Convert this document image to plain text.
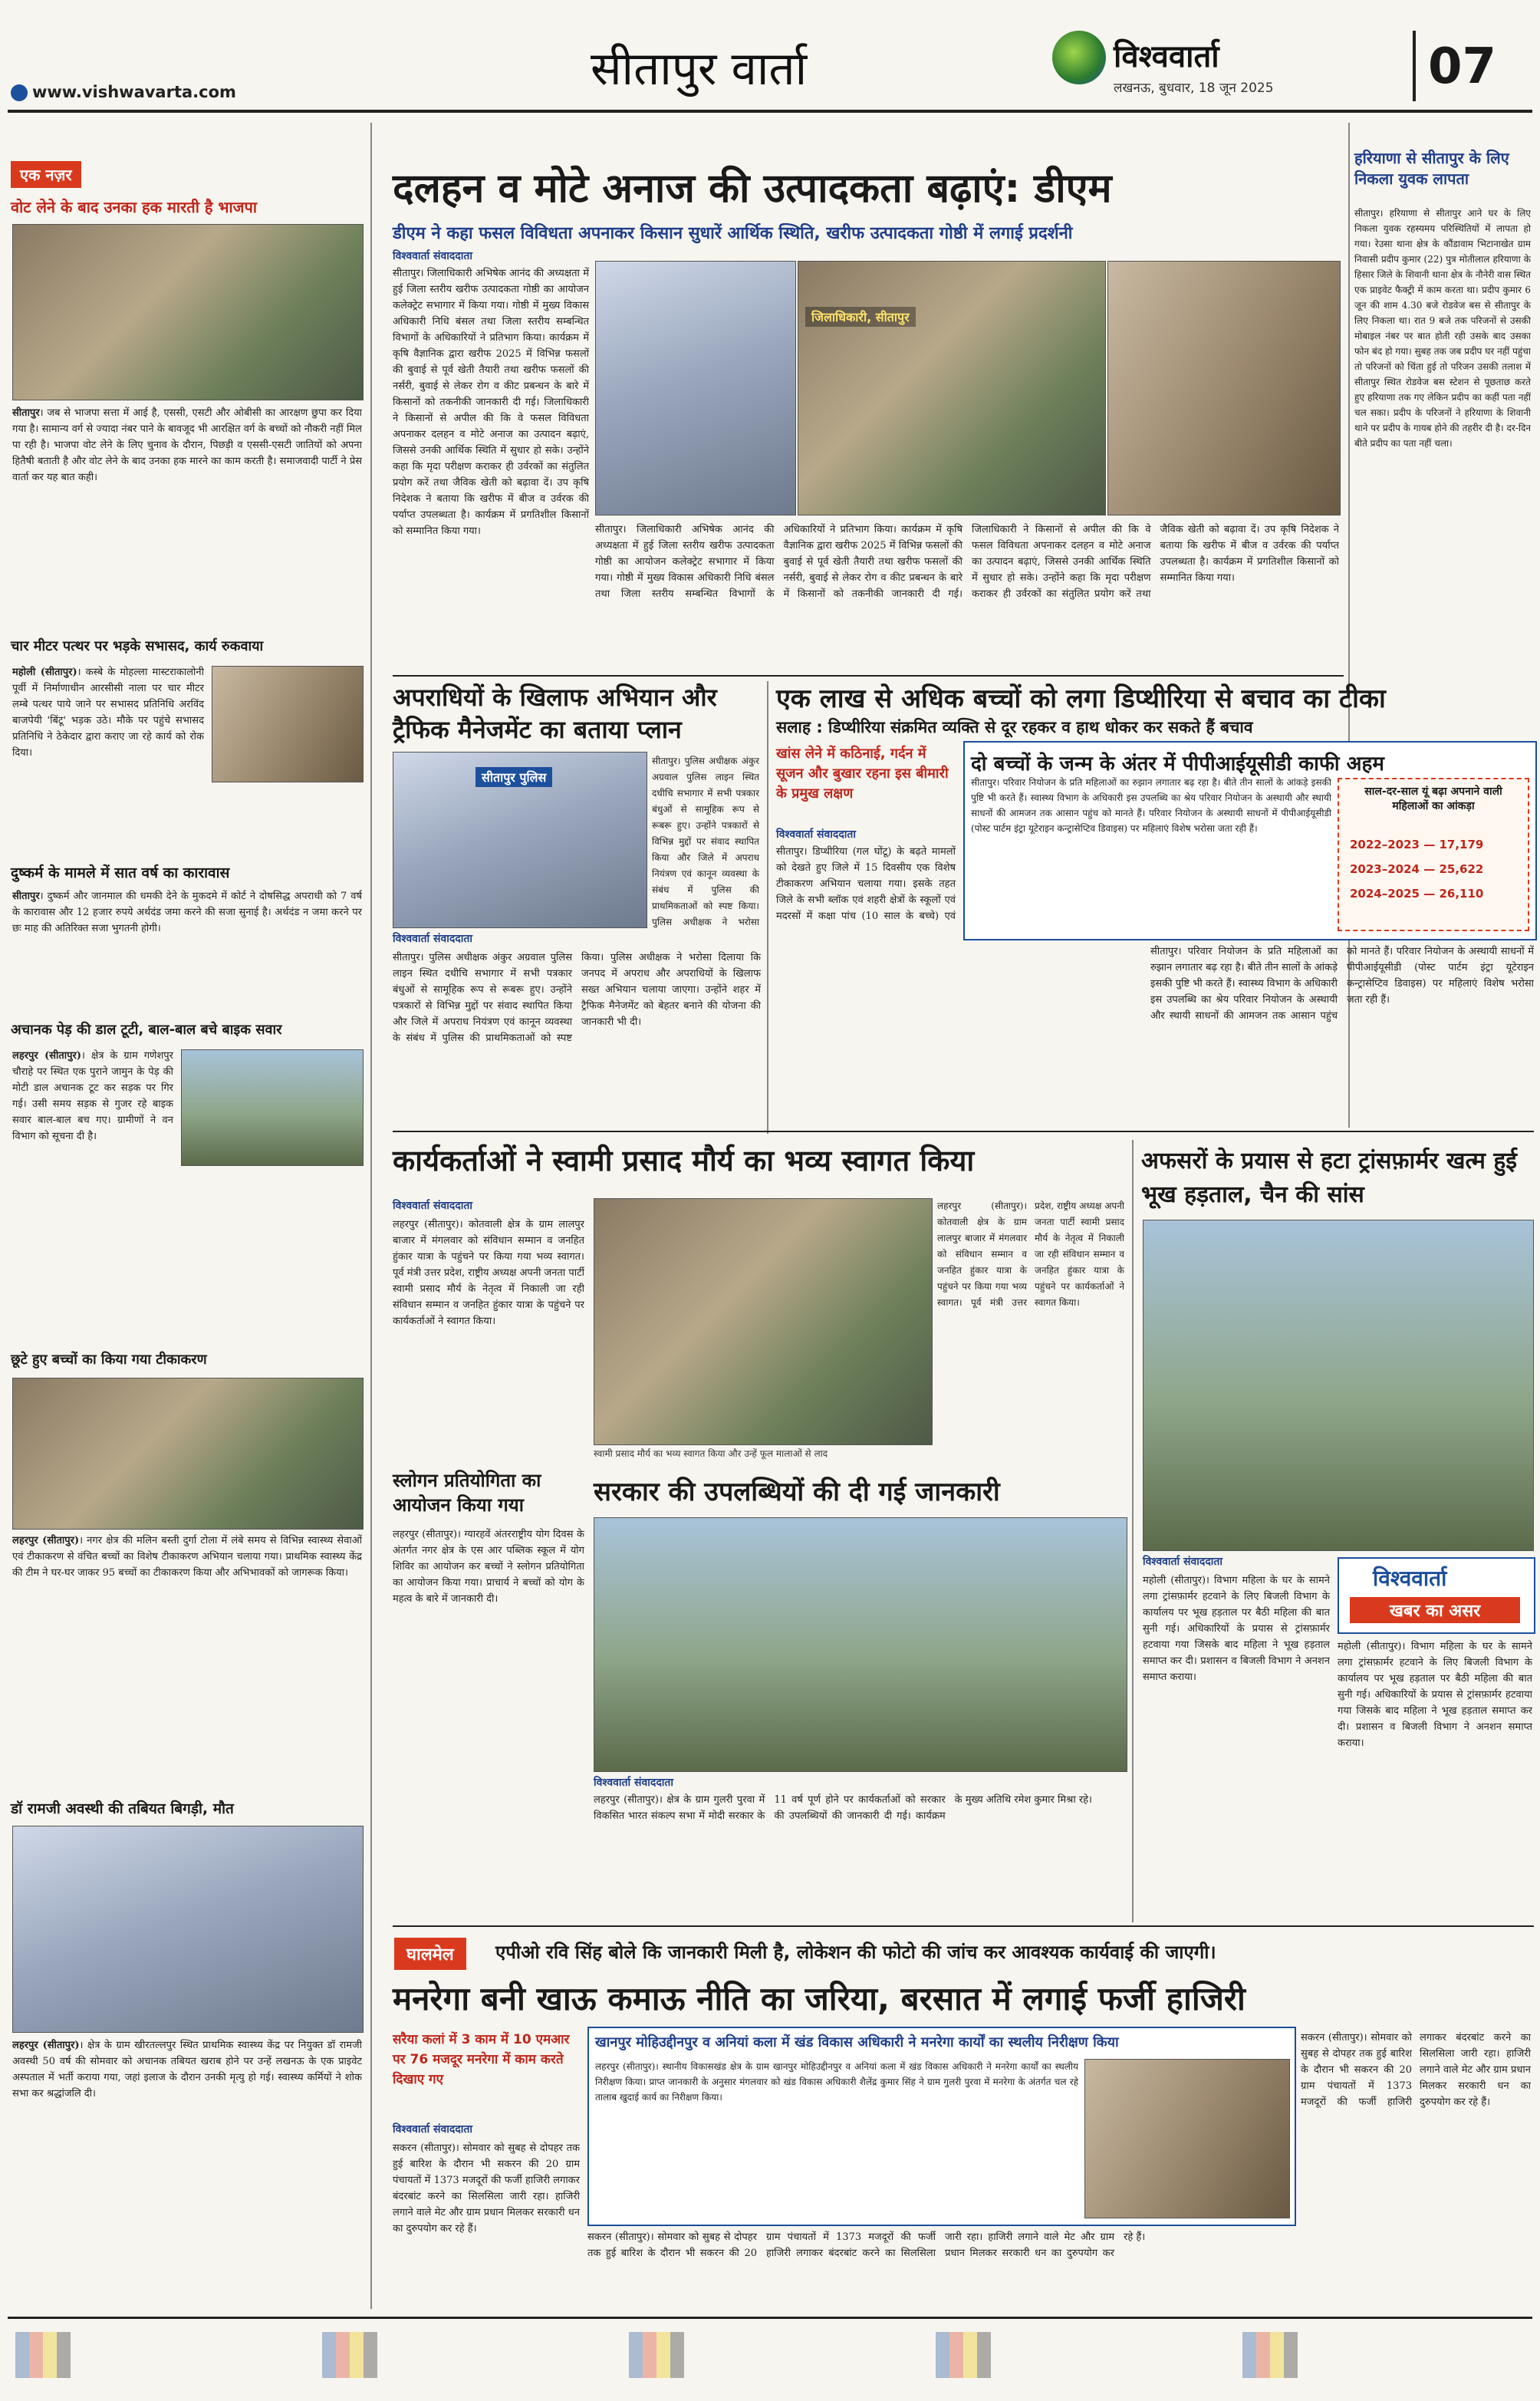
www.vishwavarta.com	सीतापुर वार्ता	विश्ववार्ता
लखनऊ, बुधवार, 18 जून 2025	07
एक नज़र
वोट लेने के बाद उनका हक मारती है भाजपा
सीतापुर। जब से भाजपा सत्ता में आई है, एससी, एसटी और ओबीसी का आरक्षण छुपा कर दिया गया है। सामान्य वर्ग से ज्यादा नंबर पाने के बावजूद भी आरक्षित वर्ग के बच्चों को नौकरी नहीं मिल पा रही है। भाजपा वोट लेने के लिए चुनाव के दौरान, पिछड़ी व एससी-एसटी जातियों को अपना हितैषी बताती है और वोट लेने के बाद उनका हक मारने का काम करती है। समाजवादी पार्टी ने प्रेस वार्ता कर यह बात कही।
चार मीटर पत्थर पर भड़के सभासद, कार्य रुकवाया
महोली (सीतापुर)। कस्बे के मोहल्ला मास्टराकालोनी पूर्वी में निर्माणाधीन आरसीसी नाला पर चार मीटर लम्बे पत्थर पाये जाने पर सभासद प्रतिनिधि अरविंद बाजपेयी 'बिंटू' भड़क उठे। मौके पर पहुंचे सभासद प्रतिनिधि ने ठेकेदार द्वारा कराए जा रहे कार्य को रोक दिया।
दुष्कर्म के मामले में सात वर्ष का कारावास
सीतापुर। दुष्कर्म और जानमाल की धमकी देने के मुकदमे में कोर्ट ने दोषसिद्ध अपराधी को 7 वर्ष के कारावास और 12 हजार रुपये अर्थदंड जमा करने की सजा सुनाई है। अर्थदंड न जमा करने पर छः माह की अतिरिक्त सजा भुगतनी होगी।
अचानक पेड़ की डाल टूटी, बाल-बाल बचे बाइक सवार
लहरपुर (सीतापुर)। क्षेत्र के ग्राम गणेशपुर चौराहे पर स्थित एक पुराने जामुन के पेड़ की मोटी डाल अचानक टूट कर सड़क पर गिर गई। उसी समय सड़क से गुजर रहे बाइक सवार बाल-बाल बच गए। ग्रामीणों ने वन विभाग को सूचना दी है।
छूटे हुए बच्चों का किया गया टीकाकरण
लहरपुर (सीतापुर)। नगर क्षेत्र की मलिन बस्ती दुर्गा टोला में लंबे समय से विभिन्न स्वास्थ्य सेवाओं एवं टीकाकरण से वंचित बच्चों का विशेष टीकाकरण अभियान चलाया गया। प्राथमिक स्वास्थ्य केंद्र की टीम ने घर-घर जाकर 95 बच्चों का टीकाकरण किया और अभिभावकों को जागरूक किया।
डॉ रामजी अवस्थी की तबियत बिगड़ी, मौत
लहरपुर (सीतापुर)। क्षेत्र के ग्राम खीरतल्लपुर स्थित प्राथमिक स्वास्थ्य केंद्र पर नियुक्त डॉ रामजी अवस्थी 50 वर्ष की सोमवार को अचानक तबियत खराब होने पर उन्हें लखनऊ के एक प्राइवेट अस्पताल में भर्ती कराया गया, जहां इलाज के दौरान उनकी मृत्यु हो गई। स्वास्थ्य कर्मियों ने शोक सभा कर श्रद्धांजलि दी।
दलहन व मोटे अनाज की उत्पादकता बढ़ाएं: डीएम
डीएम ने कहा फसल विविधता अपनाकर किसान सुधारें आर्थिक स्थिति, खरीफ उत्पादकता गोष्ठी में लगाई प्रदर्शनी
विश्ववार्ता संवाददाता
जिलाधिकारी, सीतापुर
सीतापुर। जिलाधिकारी अभिषेक आनंद की अध्यक्षता में हुई जिला स्तरीय खरीफ उत्पादकता गोष्ठी का आयोजन कलेक्ट्रेट सभागार में किया गया। गोष्ठी में मुख्य विकास अधिकारी निधि बंसल तथा जिला स्तरीय सम्बन्धित विभागों के अधिकारियों ने प्रतिभाग किया। कार्यक्रम में कृषि वैज्ञानिक द्वारा खरीफ 2025 में विभिन्न फसलों की बुवाई से पूर्व खेती तैयारी तथा खरीफ फसलों की नर्सरी, बुवाई से लेकर रोग व कीट प्रबन्धन के बारे में किसानों को तकनीकी जानकारी दी गई। जिलाधिकारी ने किसानों से अपील की कि वे फसल विविधता अपनाकर दलहन व मोटे अनाज का उत्पादन बढ़ाएं, जिससे उनकी आर्थिक स्थिति में सुधार हो सके। उन्होंने कहा कि मृदा परीक्षण कराकर ही उर्वरकों का संतुलित प्रयोग करें तथा जैविक खेती को बढ़ावा दें। उप कृषि निदेशक ने बताया कि खरीफ में बीज व उर्वरक की पर्याप्त उपलब्धता है। कार्यक्रम में प्रगतिशील किसानों को सम्मानित किया गया।	सीतापुर। जिलाधिकारी अभिषेक आनंद की अध्यक्षता में हुई जिला स्तरीय खरीफ उत्पादकता गोष्ठी का आयोजन कलेक्ट्रेट सभागार में किया गया। गोष्ठी में मुख्य विकास अधिकारी निधि बंसल तथा जिला स्तरीय सम्बन्धित विभागों के अधिकारियों ने प्रतिभाग किया। कार्यक्रम में कृषि वैज्ञानिक द्वारा खरीफ 2025 में विभिन्न फसलों की बुवाई से पूर्व खेती तैयारी तथा खरीफ फसलों की नर्सरी, बुवाई से लेकर रोग व कीट प्रबन्धन के बारे में किसानों को तकनीकी जानकारी दी गई। जिलाधिकारी ने किसानों से अपील की कि वे फसल विविधता अपनाकर दलहन व मोटे अनाज का उत्पादन बढ़ाएं, जिससे उनकी आर्थिक स्थिति में सुधार हो सके। उन्होंने कहा कि मृदा परीक्षण कराकर ही उर्वरकों का संतुलित प्रयोग करें तथा जैविक खेती को बढ़ावा दें। उप कृषि निदेशक ने बताया कि खरीफ में बीज व उर्वरक की पर्याप्त उपलब्धता है। कार्यक्रम में प्रगतिशील किसानों को सम्मानित किया गया।
हरियाणा से सीतापुर के लिए निकला युवक लापता
सीतापुर। हरियाणा से सीतापुर आने घर के लिए निकला युवक रहस्यमय परिस्थितियों में लापता हो गया। रेउसा थाना क्षेत्र के कौंडावाम भिटानाखेत ग्राम निवासी प्रदीप कुमार (22) पुत्र मोतीलाल हरियाणा के हिसार जिले के शिवानी थाना क्षेत्र के नौनेरी वास स्थित एक प्राइवेट फैक्ट्री में काम करता था। प्रदीप कुमार 6 जून की शाम 4.30 बजे रोडवेज बस से सीतापुर के लिए निकला था। रात 9 बजे तक परिजनों से उसकी मोबाइल नंबर पर बात होती रही उसके बाद उसका फोन बंद हो गया। सुबह तक जब प्रदीप घर नहीं पहुंचा तो परिजनों को चिंता हुई तो परिजन उसकी तलाश में सीतापुर स्थित रोडवेज बस स्टेशन से पूछताछ करते हुए हरियाणा तक गए लेकिन प्रदीप का कहीं पता नहीं चल सका। प्रदीप के परिजनों ने हरियाणा के शिवानी थाने पर प्रदीप के गायब होने की तहरीर दी है। दर-दिन बीते प्रदीप का पता नहीं चला।
अपराधियों के खिलाफ अभियान और ट्रैफिक मैनेजमेंट का बताया प्लान
सीतापुर पुलिस
विश्ववार्ता संवाददाता
सीतापुर। पुलिस अधीक्षक अंकुर अग्रवाल पुलिस लाइन स्थित दधीचि सभागार में सभी पत्रकार बंधुओं से सामूहिक रूप से रूबरू हुए। उन्होंने पत्रकारों से विभिन्न मुद्दों पर संवाद स्थापित किया और जिले में अपराध नियंत्रण एवं कानून व्यवस्था के संबंध में पुलिस की प्राथमिकताओं को स्पष्ट किया। पुलिस अधीक्षक ने भरोसा दिलाया कि जनपद में अपराध और अपराधियों के खिलाफ सख्त अभियान चलाया जाएगा। उन्होंने शहर में ट्रैफिक मैनेजमेंट को बेहतर बनाने की योजना की जानकारी भी दी।
सीतापुर। पुलिस अधीक्षक अंकुर अग्रवाल पुलिस लाइन स्थित दधीचि सभागार में सभी पत्रकार बंधुओं से सामूहिक रूप से रूबरू हुए। उन्होंने पत्रकारों से विभिन्न मुद्दों पर संवाद स्थापित किया और जिले में अपराध नियंत्रण एवं कानून व्यवस्था के संबंध में पुलिस की प्राथमिकताओं को स्पष्ट किया। पुलिस अधीक्षक ने भरोसा
एक लाख से अधिक बच्चों को लगा डिप्थीरिया से बचाव का टीका
सलाह : डिप्थीरिया संक्रमित व्यक्ति से दूर रहकर व हाथ धोकर कर सकते हैं बचाव
खांस लेने में कठिनाई, गर्दन में सूजन और बुखार रहना इस बीमारी के प्रमुख लक्षण
विश्ववार्ता संवाददाता
सीतापुर। डिप्थीरिया (गल घोंटू) के बढ़ते मामलों को देखते हुए जिले में 15 दिवसीय एक विशेष टीकाकरण अभियान चलाया गया। इसके तहत जिले के सभी ब्लॉक एवं शहरी क्षेत्रों के स्कूलों एवं मदरसों में कक्षा पांच (10 साल के बच्चे) एवं
दो बच्चों के जन्म के अंतर में पीपीआईयूसीडी काफी अहम
सीतापुर। परिवार नियोजन के प्रति महिलाओं का रुझान लगातार बढ़ रहा है। बीते तीन सालों के आंकड़े इसकी पुष्टि भी करते हैं। स्वास्थ्य विभाग के अधिकारी इस उपलब्धि का श्रेय परिवार नियोजन के अस्थायी और स्थायी साधनों की आमजन तक आसान पहुंच को मानते हैं। परिवार नियोजन के अस्थायी साधनों में पीपीआईयूसीडी (पोस्ट पार्टम इंट्रा यूटेराइन कन्ट्रासेप्टिव डिवाइस) पर महिलाएं विशेष भरोसा जता रही हैं।
साल-दर-साल यूं बढ़ा अपनाने वाली महिलाओं का आंकड़ा
2022–2023 — 17,179
2023–2024 — 25,622
2024–2025 — 26,110
सीतापुर। परिवार नियोजन के प्रति महिलाओं का रुझान लगातार बढ़ रहा है। बीते तीन सालों के आंकड़े इसकी पुष्टि भी करते हैं। स्वास्थ्य विभाग के अधिकारी इस उपलब्धि का श्रेय परिवार नियोजन के अस्थायी और स्थायी साधनों की आमजन तक आसान पहुंच को मानते हैं। परिवार नियोजन के अस्थायी साधनों में पीपीआईयूसीडी (पोस्ट पार्टम इंट्रा यूटेराइन कन्ट्रासेप्टिव डिवाइस) पर महिलाएं विशेष भरोसा जता रही हैं।
कार्यकर्ताओं ने स्वामी प्रसाद मौर्य का भव्य स्वागत किया
विश्ववार्ता संवाददाता
लहरपुर (सीतापुर)। कोतवाली क्षेत्र के ग्राम लालपुर बाजार में मंगलवार को संविधान सम्मान व जनहित हुंकार यात्रा के पहुंचने पर किया गया भव्य स्वागत। पूर्व मंत्री उत्तर प्रदेश, राष्ट्रीय अध्यक्ष अपनी जनता पार्टी स्वामी प्रसाद मौर्य के नेतृत्व में निकाली जा रही संविधान सम्मान व जनहित हुंकार यात्रा के पहुंचने पर कार्यकर्ताओं ने स्वागत किया।
लहरपुर (सीतापुर)। कोतवाली क्षेत्र के ग्राम लालपुर बाजार में मंगलवार को संविधान सम्मान व जनहित हुंकार यात्रा के पहुंचने पर किया गया भव्य स्वागत। पूर्व मंत्री उत्तर प्रदेश, राष्ट्रीय अध्यक्ष अपनी जनता पार्टी स्वामी प्रसाद मौर्य के नेतृत्व में निकाली जा रही संविधान सम्मान व जनहित हुंकार यात्रा के पहुंचने पर कार्यकर्ताओं ने स्वागत किया।
स्वामी प्रसाद मौर्य का भव्य स्वागत किया और उन्हें फूल मालाओं से लाद
स्लोगन प्रतियोगिता का आयोजन किया गया
लहरपुर (सीतापुर)। ग्यारहवें अंतरराष्ट्रीय योग दिवस के अंतर्गत नगर क्षेत्र के एस आर पब्लिक स्कूल में योग शिविर का आयोजन कर बच्चों ने स्लोगन प्रतियोगिता का आयोजन किया गया। प्राचार्य ने बच्चों को योग के महत्व के बारे में जानकारी दी।
सरकार की उपलब्धियों की दी गई जानकारी
विश्ववार्ता संवाददाता
लहरपुर (सीतापुर)। क्षेत्र के ग्राम गुलरी पुरवा में विकसित भारत संकल्प सभा में मोदी सरकार के 11 वर्ष पूर्ण होने पर कार्यकर्ताओं को सरकार की उपलब्धियों की जानकारी दी गई। कार्यक्रम के मुख्य अतिथि रमेश कुमार मिश्रा रहे।
अफसरों के प्रयास से हटा ट्रांसफ़ार्मर खत्म हुई भूख हड़ताल, चैन की सांस
विश्ववार्ता संवाददाता
महोली (सीतापुर)। विभाग महिला के घर के सामने लगा ट्रांसफ़ार्मर हटवाने के लिए बिजली विभाग के कार्यालय पर भूख हड़ताल पर बैठी महिला की बात सुनी गई। अधिकारियों के प्रयास से ट्रांसफ़ार्मर हटवाया गया जिसके बाद महिला ने भूख हड़ताल समाप्त कर दी। प्रशासन व बिजली विभाग ने अनशन समाप्त कराया।
विश्ववार्ता
खबर का असर
महोली (सीतापुर)। विभाग महिला के घर के सामने लगा ट्रांसफ़ार्मर हटवाने के लिए बिजली विभाग के कार्यालय पर भूख हड़ताल पर बैठी महिला की बात सुनी गई। अधिकारियों के प्रयास से ट्रांसफ़ार्मर हटवाया गया जिसके बाद महिला ने भूख हड़ताल समाप्त कर दी। प्रशासन व बिजली विभाग ने अनशन समाप्त कराया।
घालमेल	एपीओ रवि सिंह बोले कि जानकारी मिली है, लोकेशन की फोटो की जांच कर आवश्यक कार्यवाई की जाएगी।
मनरेगा बनी खाऊ कमाऊ नीति का जरिया, बरसात में लगाई फर्जी हाजिरी
सरैया कलां में 3 काम में 10 एमआर पर 76 मजदूर मनरेगा में काम करते दिखाए गए
विश्ववार्ता संवाददाता
सकरन (सीतापुर)। सोमवार को सुबह से दोपहर तक हुई बारिश के दौरान भी सकरन की 20 ग्राम पंचायतों में 1373 मजदूरों की फर्जी हाजिरी लगाकर बंदरबांट करने का सिलसिला जारी रहा। हाजिरी लगाने वाले मेट और ग्राम प्रधान मिलकर सरकारी धन का दुरुपयोग कर रहे हैं।
खानपुर मोहिउद्दीनपुर व अनियां कला में खंड विकास अधिकारी ने मनरेगा कार्यों का स्थलीय निरीक्षण किया
लहरपुर (सीतापुर)। स्थानीय विकासखंड क्षेत्र के ग्राम खानपुर मोहिउद्दीनपुर व अनियां कला में खंड विकास अधिकारी ने मनरेगा कार्यों का स्थलीय निरीक्षण किया। प्राप्त जानकारी के अनुसार मंगलवार को खंड विकास अधिकारी शैलेंद्र कुमार सिंह ने ग्राम गुलरी पुरवा में मनरेगा के अंतर्गत चल रहे तालाब खुदाई कार्य का निरीक्षण किया।
सकरन (सीतापुर)। सोमवार को सुबह से दोपहर तक हुई बारिश के दौरान भी सकरन की 20 ग्राम पंचायतों में 1373 मजदूरों की फर्जी हाजिरी लगाकर बंदरबांट करने का सिलसिला जारी रहा। हाजिरी लगाने वाले मेट और ग्राम प्रधान मिलकर सरकारी धन का दुरुपयोग कर रहे हैं।
सकरन (सीतापुर)। सोमवार को सुबह से दोपहर तक हुई बारिश के दौरान भी सकरन की 20 ग्राम पंचायतों में 1373 मजदूरों की फर्जी हाजिरी लगाकर बंदरबांट करने का सिलसिला जारी रहा। हाजिरी लगाने वाले मेट और ग्राम प्रधान मिलकर सरकारी धन का दुरुपयोग कर रहे हैं।
